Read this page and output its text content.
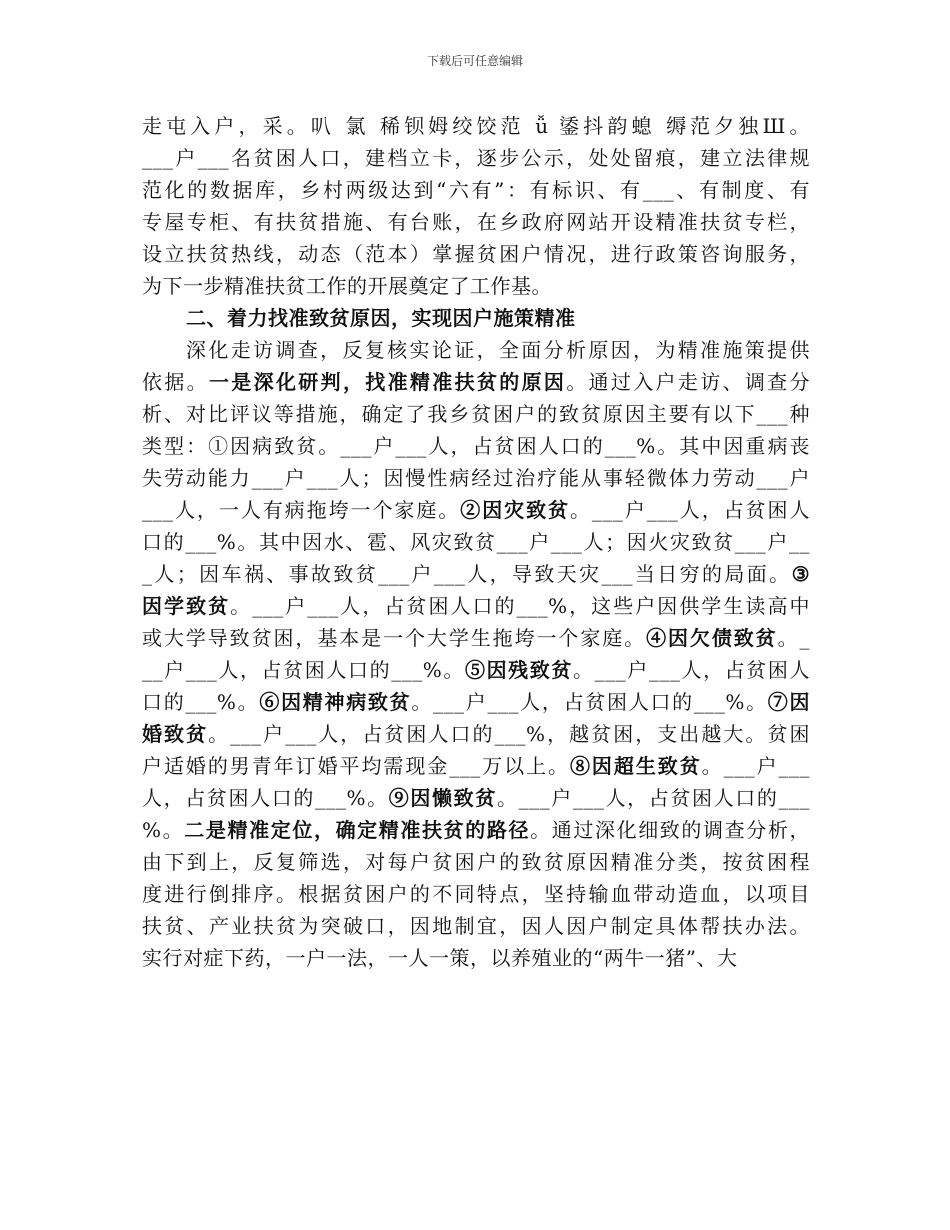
下载后可任意编辑
走屯入户，采。叭 氯 稀钡姆绞饺范 ǚ 鋈抖韵螅 缛范夕独Ш。
___户___名贫困人口，建档立卡，逐步公示，处处留痕，建立法律规
范化的数据库，乡村两级达到“六有”：有标识、有___、有制度、有
专屋专柜、有扶贫措施、有台账，在乡政府网站开设精准扶贫专栏，
设立扶贫热线，动态（范本）掌握贫困户情况，进行政策咨询服务，
为下一步精准扶贫工作的开展奠定了工作基。
二、着力找准致贫原因，实现因户施策精准
深化走访调查，反复核实论证，全面分析原因，为精准施策提供
依据。一是深化研判，找准精准扶贫的原因。通过入户走访、调查分
析、对比评议等措施，确定了我乡贫困户的致贫原因主要有以下___种
类型：①因病致贫。___户___人，占贫困人口的___%。其中因重病丧
失劳动能力___户___人；因慢性病经过治疗能从事轻微体力劳动___户
___人，一人有病拖垮一个家庭。②因灾致贫。___户___人，占贫困人
口的___%。其中因水、雹、风灾致贫___户___人；因火灾致贫___户__
_人；因车祸、事故致贫___户___人，导致天灾___当日穷的局面。③
因学致贫。___户___人，占贫困人口的___%，这些户因供学生读高中
或大学导致贫困，基本是一个大学生拖垮一个家庭。④因欠债致贫。_
__户___人，占贫困人口的___%。⑤因残致贫。___户___人，占贫困人
口的___%。⑥因精神病致贫。___户___人，占贫困人口的___%。⑦因
婚致贫。___户___人，占贫困人口的___%，越贫困，支出越大。贫困
户适婚的男青年订婚平均需现金___万以上。⑧因超生致贫。___户___
人，占贫困人口的___%。⑨因懒致贫。___户___人，占贫困人口的___
%。二是精准定位，确定精准扶贫的路径。通过深化细致的调查分析，
由下到上，反复筛选，对每户贫困户的致贫原因精准分类，按贫困程
度进行倒排序。根据贫困户的不同特点，坚持输血带动造血，以项目
扶贫、产业扶贫为突破口，因地制宜，因人因户制定具体帮扶办法。
实行对症下药，一户一法，一人一策，以养殖业的“两牛一猪”、大
